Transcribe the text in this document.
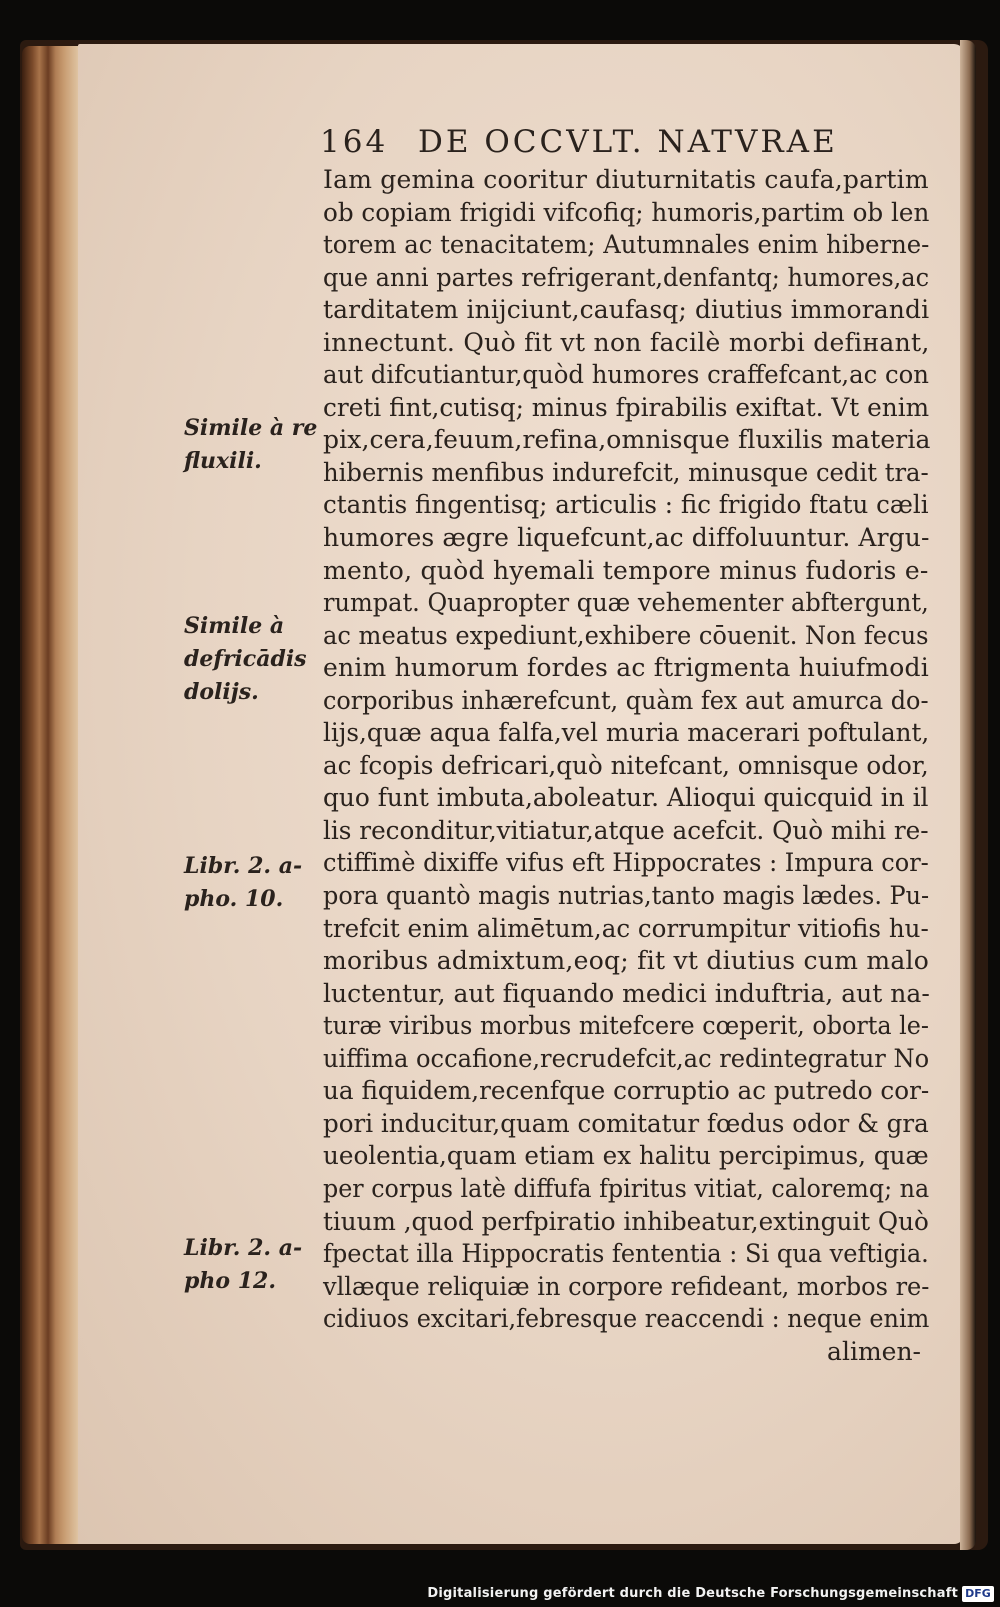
164 DE OCCVLT. NATVRAE
Simile à re
fluxili.
Simile à
defricādis
dolijs.
Libr. 2. a-
pho. 10.
Libr. 2. a-
pho 12.
Iam gemina cooritur diuturnitatis caufa,partim
ob copiam frigidi vifcofiq; humoris,partim ob len
torem ac tenacitatem; Autumnales enim hiberne-
que anni partes refrigerant,denfantq; humores,ac
tarditatem inijciunt,caufasq; diutius immorandi
innectunt. Quò fit vt non facilè morbi defінant,
aut difcutiantur,quòd humores craffefcant,ac con
creti fint,cutisq; minus fpirabilis exiftat. Vt enim
pix,cera,feuum,refina,omnisque fluxilis materia
hibernis menfibus indurefcit, minusque cedit tra-
ctantis fingentisq; articulis : fic frigido ftatu cæli
humores ægre liquefcunt,ac diffoluuntur. Argu-
mento, quòd hyemali tempore minus fudoris e-
rumpat. Quapropter quæ vehementer abftergunt,
ac meatus expediunt,exhibere cōuenit. Non fecus
enim humorum fordes ac ftrigmenta huiufmodi
corporibus inhærefcunt, quàm fex aut amurca do-
lijs,quæ aqua falfa,vel muria macerari poftulant,
ac fcopis defricari,quò nitefcant, omnisque odor,
quo funt imbuta,aboleatur. Alioqui quicquid in il
lis reconditur,vitiatur,atque acefcit. Quò mihi re-
ctiffimè dixiffe vifus eft Hippocrates : Impura cor-
pora quantò magis nutrias,tanto magis lædes. Pu-
trefcit enim alimētum,ac corrumpitur vitiofis hu-
moribus admixtum,eoq; fit vt diutius cum malo
luctentur, aut fiquando medici induftria, aut na-
turæ viribus morbus mitefcere cœperit, oborta le-
uiffima occafione,recrudefcit,ac redintegratur No
ua fiquidem,recenfque corruptio ac putredo cor-
pori inducitur,quam comitatur fœdus odor & gra
ueolentia,quam etiam ex halitu percipimus, quæ
per corpus latè diffufa fpiritus vitiat, caloremq; na
tiuum ,quod perfpiratio inhibeatur,extinguit Quò
fpectat illa Hippocratis fententia : Si qua veftigia.
vllæque reliquiæ in corpore refideant, morbos re-
cidiuos excitari,febresque reaccendi : neque enim
alimen-
Digitalisierung gefördert durch die Deutsche Forschungsgemeinschaft DFG
